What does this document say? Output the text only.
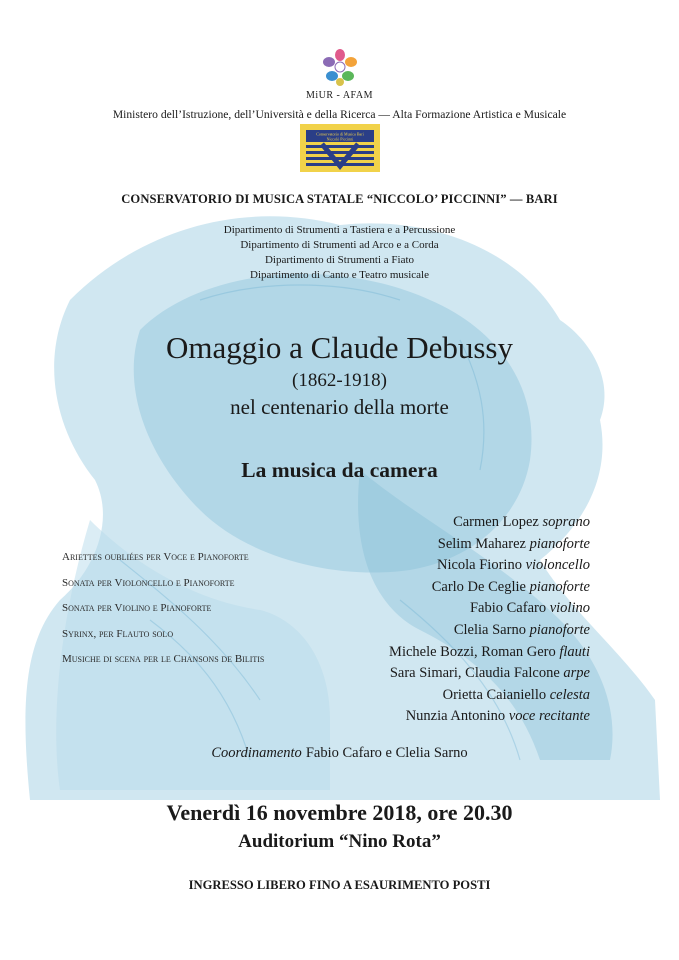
MiUR - AFAM
Ministero dell’Istruzione, dell’Università e della Ricerca — Alta Formazione Artistica e Musicale
Conservatorio di Musica Bari
Niccolò Piccinni
CONSERVATORIO DI MUSICA STATALE “NICCOLO’ PICCINNI” — BARI
Dipartimento di Strumenti a Tastiera e a Percussione
Dipartimento di Strumenti ad Arco e a Corda
Dipartimento di Strumenti a Fiato
Dipartimento di Canto e Teatro musicale
Omaggio a Claude Debussy
(1862-1918)
nel centenario della morte
La musica da camera
Ariettes oubliées per Voce e Pianoforte
Sonata per Violoncello e Pianoforte
Sonata per Violino e Pianoforte
Syrinx, per Flauto solo
Musiche di scena per le Chansons de Bilitis
Carmen Lopez soprano
Selim Maharez pianoforte
Nicola Fiorino violoncello
Carlo De Ceglie pianoforte
Fabio Cafaro violino
Clelia Sarno pianoforte
Michele Bozzi, Roman Gero flauti
Sara Simari, Claudia Falcone arpe
Orietta Caianiello celesta
Nunzia Antonino voce recitante
Coordinamento Fabio Cafaro e Clelia Sarno
Venerdì 16 novembre 2018, ore 20.30
Auditorium “Nino Rota”
INGRESSO LIBERO FINO A ESAURIMENTO POSTI
